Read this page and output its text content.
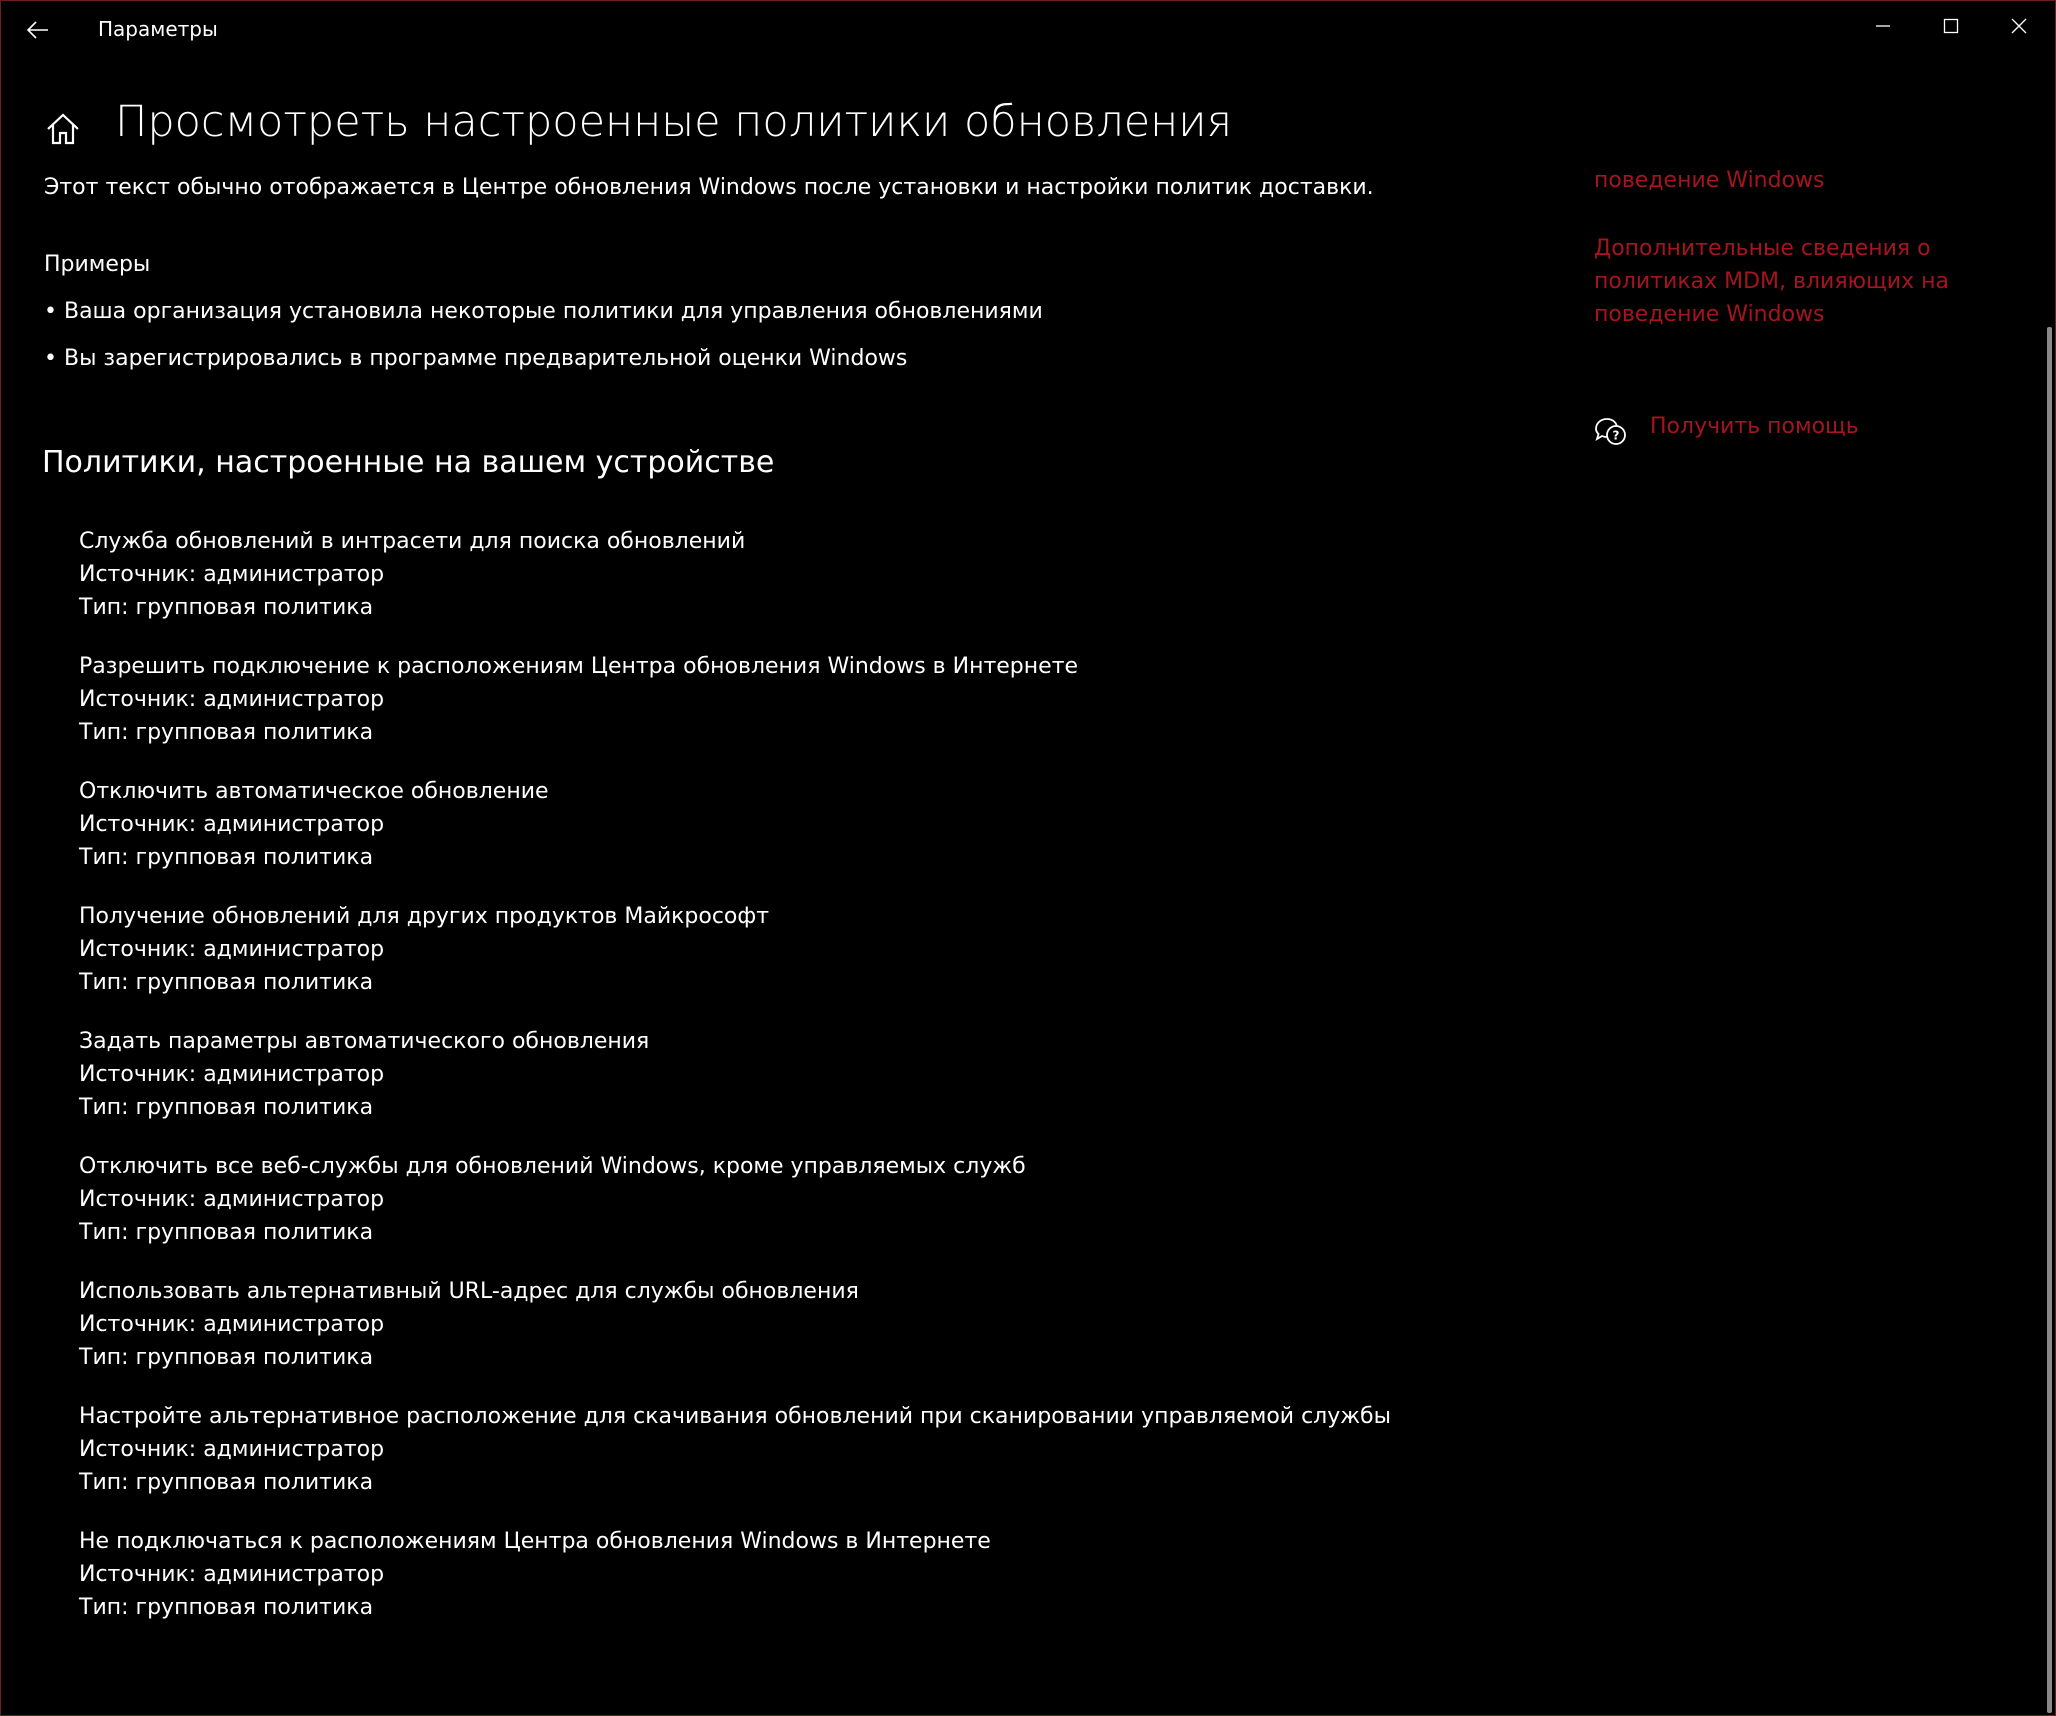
Параметры
Просмотреть настроенные политики обновления
Этот текст обычно отображается в Центре обновления Windows после установки и настройки политик доставки.
Примеры
• Ваша организация установила некоторые политики для управления обновлениями
• Вы зарегистрировались в программе предварительной оценки Windows
Политики, настроенные на вашем устройстве
Служба обновлений в интрасети для поиска обновлений
Источник: администратор
Тип: групповая политика
Разрешить подключение к расположениям Центра обновления Windows в Интернете
Источник: администратор
Тип: групповая политика
Отключить автоматическое обновление
Источник: администратор
Тип: групповая политика
Получение обновлений для других продуктов Майкрософт
Источник: администратор
Тип: групповая политика
Задать параметры автоматического обновления
Источник: администратор
Тип: групповая политика
Отключить все веб-службы для обновлений Windows, кроме управляемых служб
Источник: администратор
Тип: групповая политика
Использовать альтернативный URL-адрес для службы обновления
Источник: администратор
Тип: групповая политика
Настройте альтернативное расположение для скачивания обновлений при сканировании управляемой службы
Источник: администратор
Тип: групповая политика
Не подключаться к расположениям Центра обновления Windows в Интернете
Источник: администратор
Тип: групповая политика
поведение Windows
Дополнительные сведения о политиках MDM, влияющих на поведение Windows
? Получить помощь
